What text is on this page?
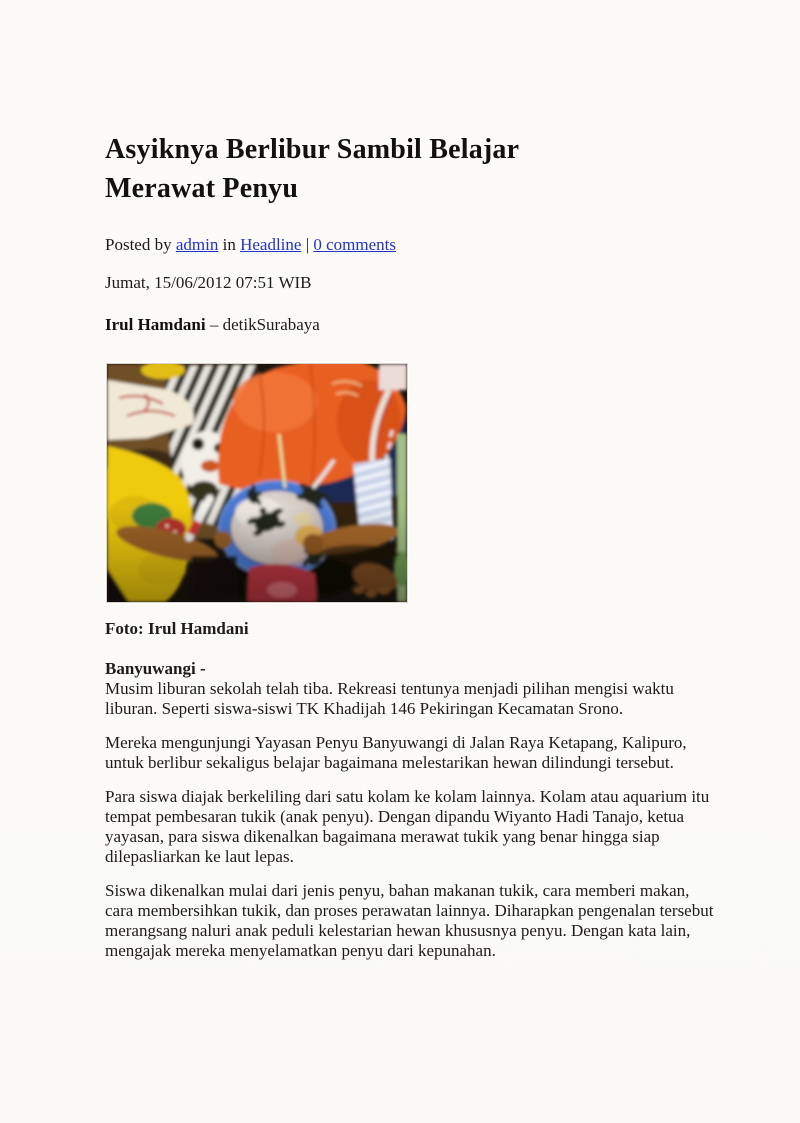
Asyiknya Berlibur Sambil Belajar Merawat Penyu

Posted by admin in Headline | 0 comments

Jumat, 15/06/2012 07:51 WIB

Irul Hamdani – detikSurabaya

Foto: Irul Hamdani

Banyuwangi -
Musim liburan sekolah telah tiba. Rekreasi tentunya menjadi pilihan mengisi waktu liburan. Seperti siswa-siswi TK Khadijah 146 Pekiringan Kecamatan Srono.

Mereka mengunjungi Yayasan Penyu Banyuwangi di Jalan Raya Ketapang, Kalipuro, untuk berlibur sekaligus belajar bagaimana melestarikan hewan dilindungi tersebut.

Para siswa diajak berkeliling dari satu kolam ke kolam lainnya. Kolam atau aquarium itu tempat pembesaran tukik (anak penyu). Dengan dipandu Wiyanto Hadi Tanajo, ketua yayasan, para siswa dikenalkan bagaimana merawat tukik yang benar hingga siap dilepasliarkan ke laut lepas.

Siswa dikenalkan mulai dari jenis penyu, bahan makanan tukik, cara memberi makan, cara membersihkan tukik, dan proses perawatan lainnya. Diharapkan pengenalan tersebut merangsang naluri anak peduli kelestarian hewan khususnya penyu. Dengan kata lain, mengajak mereka menyelamatkan penyu dari kepunahan.
